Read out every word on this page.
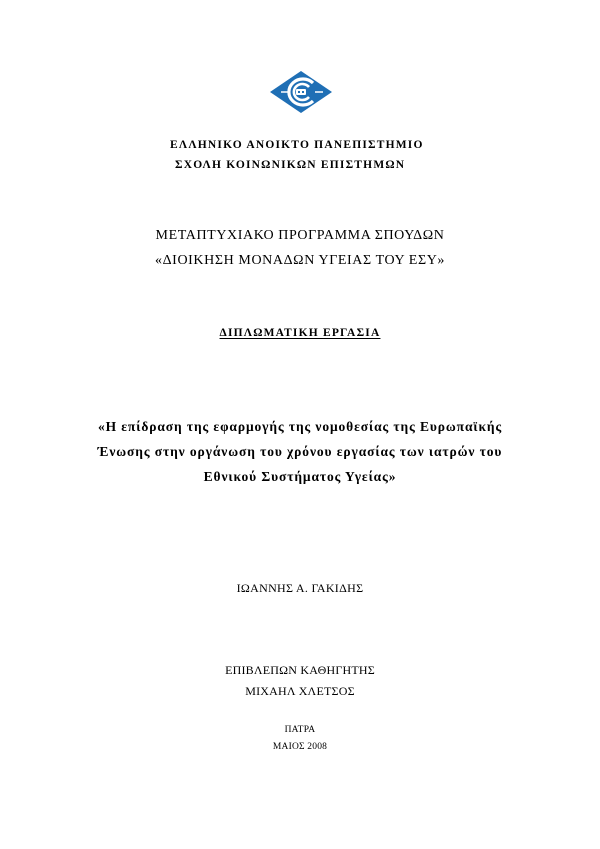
ΕΛΛΗΝΙΚΟ ΑΝΟΙΚΤΟ ΠΑΝΕΠΙΣΤΗΜΙΟ
ΣΧΟΛΗ ΚΟΙΝΩΝΙΚΩΝ ΕΠΙΣΤΗΜΩΝ
ΜΕΤΑΠΤΥΧΙΑΚΟ ΠΡΟΓΡΑΜΜΑ ΣΠΟΥΔΩΝ
«ΔΙΟΙΚΗΣΗ ΜΟΝΑΔΩΝ ΥΓΕΙΑΣ ΤΟΥ ΕΣΥ»
ΔΙΠΛΩΜΑΤΙΚΗ ΕΡΓΑΣΙΑ
«Η επίδραση της εφαρμογής της νομοθεσίας της Ευρωπαϊκής
Ένωσης στην οργάνωση του χρόνου εργασίας των ιατρών του
Εθνικού Συστήματος Υγείας»
ΙΩΑΝΝΗΣ Α. ΓΑΚΙΔΗΣ
ΕΠΙΒΛΕΠΩΝ ΚΑΘΗΓΗΤΗΣ
ΜΙΧΑΗΛ ΧΛΕΤΣΟΣ
ΠΑΤΡΑ
ΜΑΙΟΣ 2008
